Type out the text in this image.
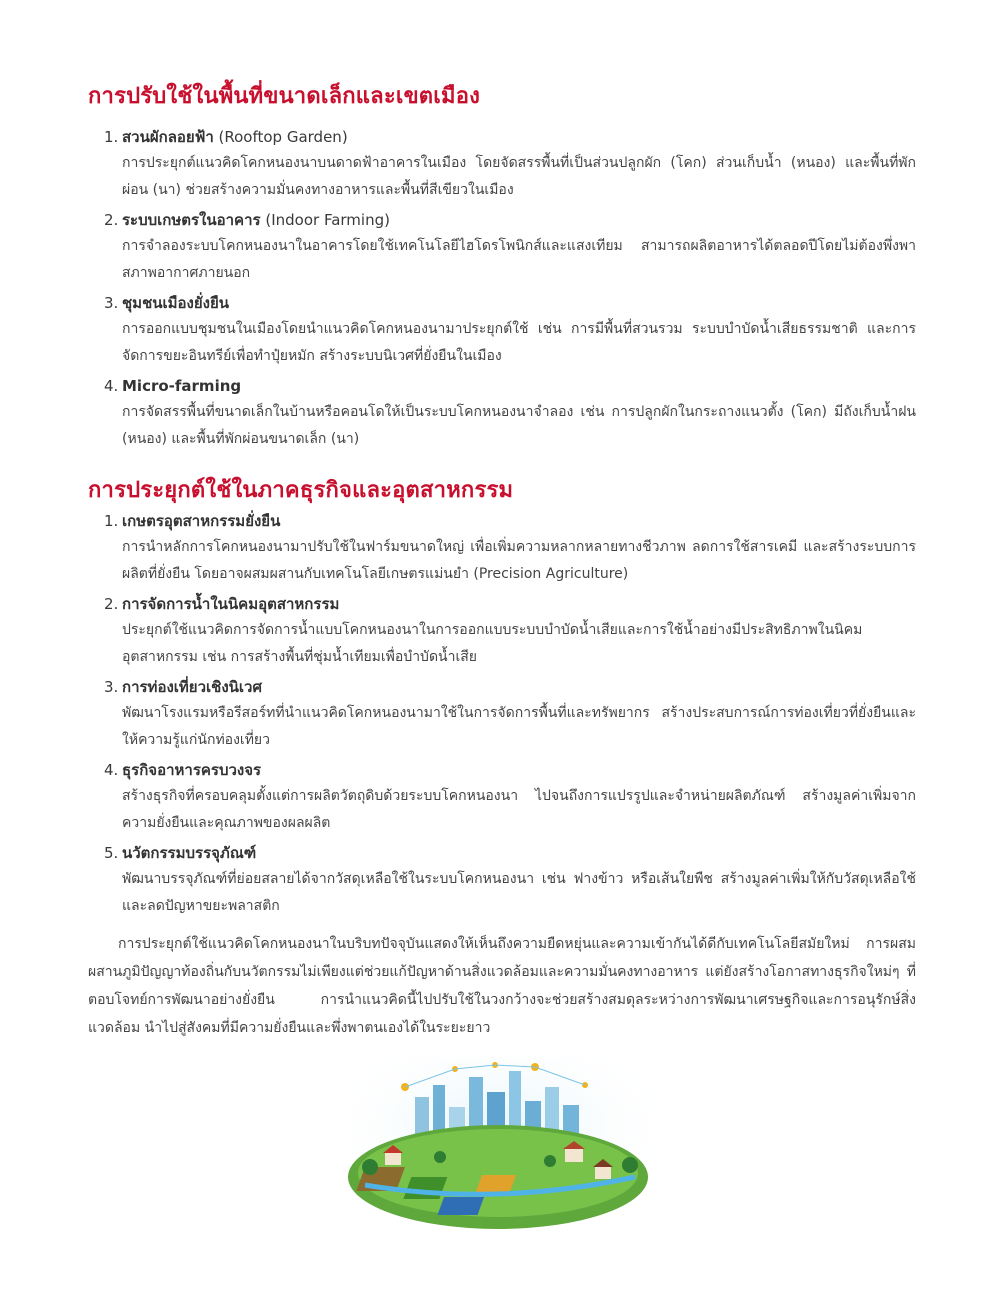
การปรับใช้ในพื้นที่ขนาดเล็กและเขตเมือง
1. สวนผักลอยฟ้า (Rooftop Garden)

การประยุกต์แนวคิดโคกหนองนาบนดาดฟ้าอาคารในเมือง โดยจัดสรรพื้นที่เป็นส่วนปลูกผัก (โคก) ส่วนเก็บน้ำ (หนอง) และพื้นที่พักผ่อน (นา) ช่วยสร้างความมั่นคงทางอาหารและพื้นที่สีเขียวในเมือง

2. ระบบเกษตรในอาคาร (Indoor Farming)

การจำลองระบบโคกหนองนาในอาคารโดยใช้เทคโนโลยีไฮโดรโพนิกส์และแสงเทียม สามารถผลิตอาหารได้ตลอดปีโดยไม่ต้องพึ่งพาสภาพอากาศภายนอก

3. ชุมชนเมืองยั่งยืน

การออกแบบชุมชนในเมืองโดยนำแนวคิดโคกหนองนามาประยุกต์ใช้ เช่น การมีพื้นที่สวนรวม ระบบบำบัดน้ำเสียธรรมชาติ และการจัดการขยะอินทรีย์เพื่อทำปุ๋ยหมัก สร้างระบบนิเวศที่ยั่งยืนในเมือง

4. Micro-farming

การจัดสรรพื้นที่ขนาดเล็กในบ้านหรือคอนโดให้เป็นระบบโคกหนองนาจำลอง เช่น การปลูกผักในกระถางแนวตั้ง (โคก) มีถังเก็บน้ำฝน (หนอง) และพื้นที่พักผ่อนขนาดเล็ก (นา)

การประยุกต์ใช้ในภาคธุรกิจและอุตสาหกรรม
1. เกษตรอุตสาหกรรมยั่งยืน

การนำหลักการโคกหนองนามาปรับใช้ในฟาร์มขนาดใหญ่ เพื่อเพิ่มความหลากหลายทางชีวภาพ ลดการใช้สารเคมี และสร้างระบบการผลิตที่ยั่งยืน โดยอาจผสมผสานกับเทคโนโลยีเกษตรแม่นยำ (Precision Agriculture)

2. การจัดการน้ำในนิคมอุตสาหกรรม

ประยุกต์ใช้แนวคิดการจัดการน้ำแบบโคกหนองนาในการออกแบบระบบบำบัดน้ำเสียและการใช้น้ำอย่างมีประสิทธิภาพในนิคมอุตสาหกรรม เช่น การสร้างพื้นที่ชุ่มน้ำเทียมเพื่อบำบัดน้ำเสีย

3. การท่องเที่ยวเชิงนิเวศ

พัฒนาโรงแรมหรือรีสอร์ทที่นำแนวคิดโคกหนองนามาใช้ในการจัดการพื้นที่และทรัพยากร สร้างประสบการณ์การท่องเที่ยวที่ยั่งยืนและให้ความรู้แก่นักท่องเที่ยว

4. ธุรกิจอาหารครบวงจร

สร้างธุรกิจที่ครอบคลุมตั้งแต่การผลิตวัตถุดิบด้วยระบบโคกหนองนา ไปจนถึงการแปรรูปและจำหน่ายผลิตภัณฑ์ สร้างมูลค่าเพิ่มจากความยั่งยืนและคุณภาพของผลผลิต

5. นวัตกรรมบรรจุภัณฑ์

พัฒนาบรรจุภัณฑ์ที่ย่อยสลายได้จากวัสดุเหลือใช้ในระบบโคกหนองนา เช่น ฟางข้าว หรือเส้นใยพืช สร้างมูลค่าเพิ่มให้กับวัสดุเหลือใช้และลดปัญหาขยะพลาสติก

การประยุกต์ใช้แนวคิดโคกหนองนาในบริบทปัจจุบันแสดงให้เห็นถึงความยืดหยุ่นและความเข้ากันได้ดีกับเทคโนโลยีสมัยใหม่ การผสมผสานภูมิปัญญาท้องถิ่นกับนวัตกรรมไม่เพียงแต่ช่วยแก้ปัญหาด้านสิ่งแวดล้อมและความมั่นคงทางอาหาร แต่ยังสร้างโอกาสทางธุรกิจใหม่ๆ ที่ตอบโจทย์การพัฒนาอย่างยั่งยืน การนำแนวคิดนี้ไปปรับใช้ในวงกว้างจะช่วยสร้างสมดุลระหว่างการพัฒนาเศรษฐกิจและการอนุรักษ์สิ่งแวดล้อม นำไปสู่สังคมที่มีความยั่งยืนและพึ่งพาตนเองได้ในระยะยาว
